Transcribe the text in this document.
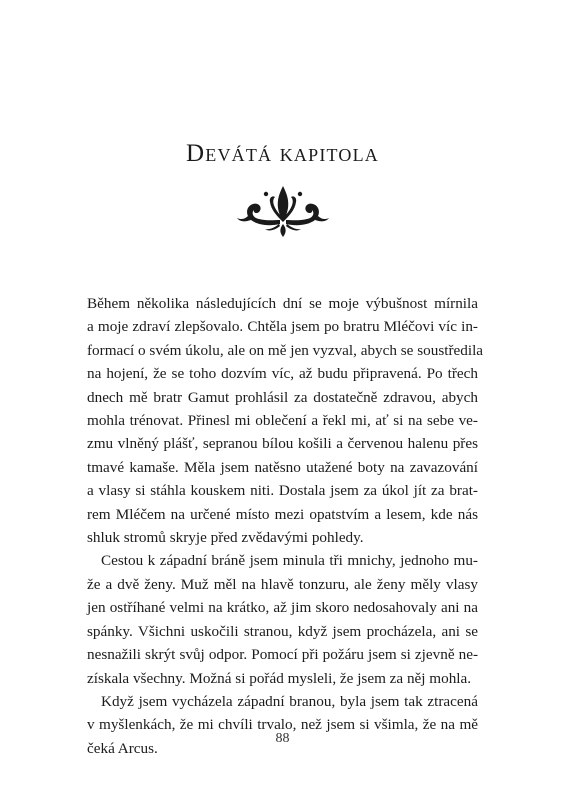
Devátá kapitola

Během několika následujících dní se moje výbušnost mírnila
a moje zdraví zlepšovalo. Chtěla jsem po bratru Mléčovi víc in-
formací o svém úkolu, ale on mě jen vyzval, abych se soustředila
na hojení, že se toho dozvím víc, až budu připravená. Po třech
dnech mě bratr Gamut prohlásil za dostatečně zdravou, abych
mohla trénovat. Přinesl mi oblečení a řekl mi, ať si na sebe ve-
zmu vlněný plášť, sepranou bílou košili a červenou halenu přes
tmavé kamaše. Měla jsem natěsno utažené boty na zavazování
a vlasy si stáhla kouskem niti. Dostala jsem za úkol jít za brat-
rem Mléčem na určené místo mezi opatstvím a lesem, kde nás
shluk stromů skryje před zvědavými pohledy.

Cestou k západní bráně jsem minula tři mnichy, jednoho mu-
že a dvě ženy. Muž měl na hlavě tonzuru, ale ženy měly vlasy
jen ostříhané velmi na krátko, až jim skoro nedosahovaly ani na
spánky. Všichni uskočili stranou, když jsem procházela, ani se
nesnažili skrýt svůj odpor. Pomocí při požáru jsem si zjevně ne-
získala všechny. Možná si pořád mysleli, že jsem za něj mohla.

Když jsem vycházela západní branou, byla jsem tak ztracená
v myšlenkách, že mi chvíli trvalo, než jsem si všimla, že na mě
čeká Arcus.

88
